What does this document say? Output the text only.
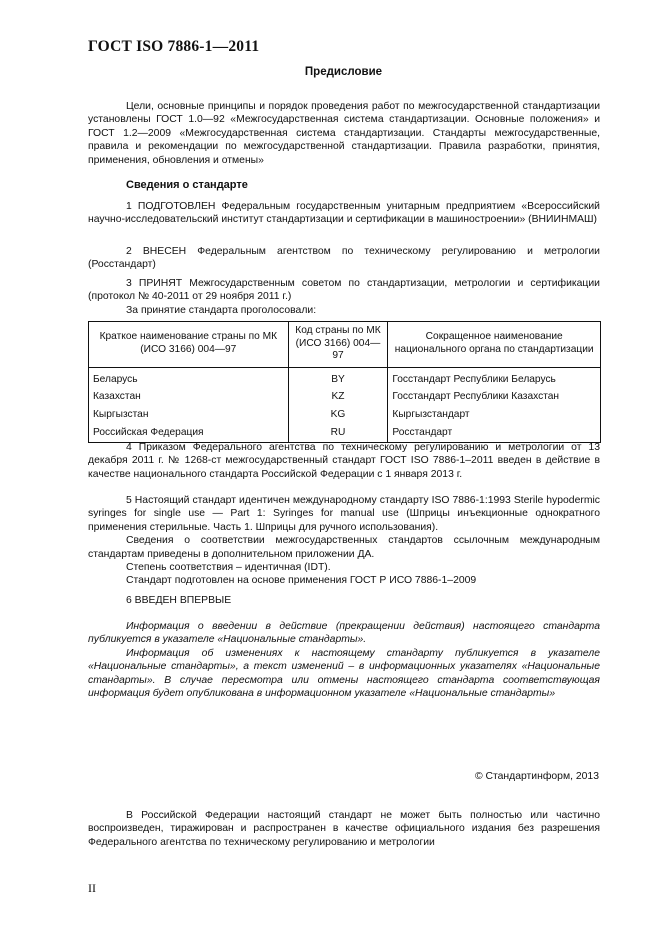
ГОСТ ISO 7886-1—2011
Предисловие

Цели, основные принципы и порядок проведения работ по межгосударственной стандартизации установлены ГОСТ 1.0—92 «Межгосударственная система стандартизации. Основные положения» и ГОСТ 1.2—2009 «Межгосударственная система стандартизации. Стандарты межгосударственные, правила и рекомендации по межгосударственной стандартизации. Правила разработки, принятия, применения, обновления и отмены»

Сведения о стандарте

1 ПОДГОТОВЛЕН Федеральным государственным унитарным предприятием «Всероссийский научно-исследовательский институт стандартизации и сертификации в машиностроении» (ВНИИНМАШ)

2 ВНЕСЕН Федеральным агентством по техническому регулированию и метрологии (Росстандарт)

3 ПРИНЯТ Межгосударственным советом по стандартизации, метрологии и сертификации (протокол № 40-2011 от 29 ноября 2011 г.)

За принятие стандарта проголосовали:

Краткое наименование страны по МК (ИСО 3166) 004—97	Код страны по МК (ИСО 3166) 004—97	Сокращенное наименование национального органа по стандартизации
Беларусь	BY	Госстандарт Республики Беларусь
Казахстан	KZ	Госстандарт Республики Казахстан
Кыргызстан	KG	Кыргызстандарт
Российская Федерация	RU	Росстандарт

4 Приказом Федерального агентства по техническому регулированию и метрологии от 13 декабря 2011 г. № 1268-ст межгосударственный стандарт ГОСТ ISO 7886-1–2011 введен в действие в качестве национального стандарта Российской Федерации с 1 января 2013 г.

5 Настоящий стандарт идентичен международному стандарту ISO 7886-1:1993 Sterile hypodermic syringes for single use — Part 1: Syringes for manual use (Шприцы инъекционные однократного применения стерильные. Часть 1. Шприцы для ручного использования).

Сведения о соответствии межгосударственных стандартов ссылочным международным стандартам приведены в дополнительном приложении ДА.

Степень соответствия – идентичная (IDT).

Стандарт подготовлен на основе применения ГОСТ Р ИСО 7886-1–2009

6 ВВЕДЕН ВПЕРВЫЕ

Информация о введении в действие (прекращении действия) настоящего стандарта публикуется в указателе «Национальные стандарты».

Информация об изменениях к настоящему стандарту публикуется в указателе «Национальные стандарты», а текст изменений – в информационных указателях «Национальные стандарты». В случае пересмотра или отмены настоящего стандарта соответствующая информация будет опубликована в информационном указателе «Национальные стандарты»

© Стандартинформ, 2013

В Российской Федерации настоящий стандарт не может быть полностью или частично воспроизведен, тиражирован и распространен в качестве официального издания без разрешения Федерального агентства по техническому регулированию и метрологии

II
